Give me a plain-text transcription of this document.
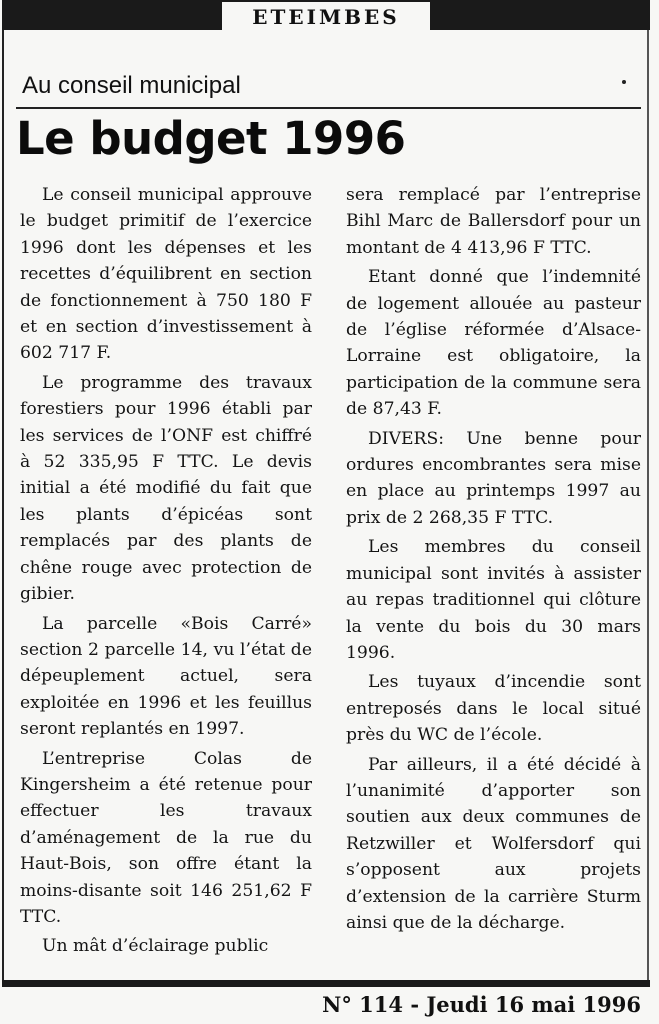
ETEIMBES
Au conseil municipal
Le budget 1996

Le conseil municipal approuve le budget primitif de l’exercice 1996 dont les dépenses et les recettes d’équilibrent en section de fonctionnement à 750 180 F et en section d’investissement à 602 717 F.

Le programme des travaux forestiers pour 1996 établi par les services de l’ONF est chiffré à 52 335,95 F TTC. Le devis initial a été modifié du fait que les plants d’épicéas sont remplacés par des plants de chêne rouge avec protection de gibier.

La parcelle «Bois Carré» section 2 parcelle 14, vu l’état de dépeuplement actuel, sera exploitée en 1996 et les feuillus seront replantés en 1997.

L’entreprise Colas de Kingersheim a été retenue pour effectuer les travaux d’aménagement de la rue du Haut-Bois, son offre étant la moins-disante soit 146 251,62 F TTC.

Un mât d’éclairage public

sera remplacé par l’entreprise Bihl Marc de Ballersdorf pour un montant de 4 413,96 F TTC.

Etant donné que l’indemnité de logement allouée au pasteur de l’église réformée d’Alsace-Lorraine est obligatoire, la participation de la commune sera de 87,43 F.

DIVERS: Une benne pour ordures encombrantes sera mise en place au printemps 1997 au prix de 2 268,35 F TTC.

Les membres du conseil municipal sont invités à assister au repas traditionnel qui clôture la vente du bois du 30 mars 1996.

Les tuyaux d’incendie sont entreposés dans le local situé près du WC de l’école.

Par ailleurs, il a été décidé à l’unanimité d’apporter son soutien aux deux communes de Retzwiller et Wolfersdorf qui s’opposent aux projets d’extension de la carrière Sturm ainsi que de la décharge.

N° 114 - Jeudi 16 mai 1996
